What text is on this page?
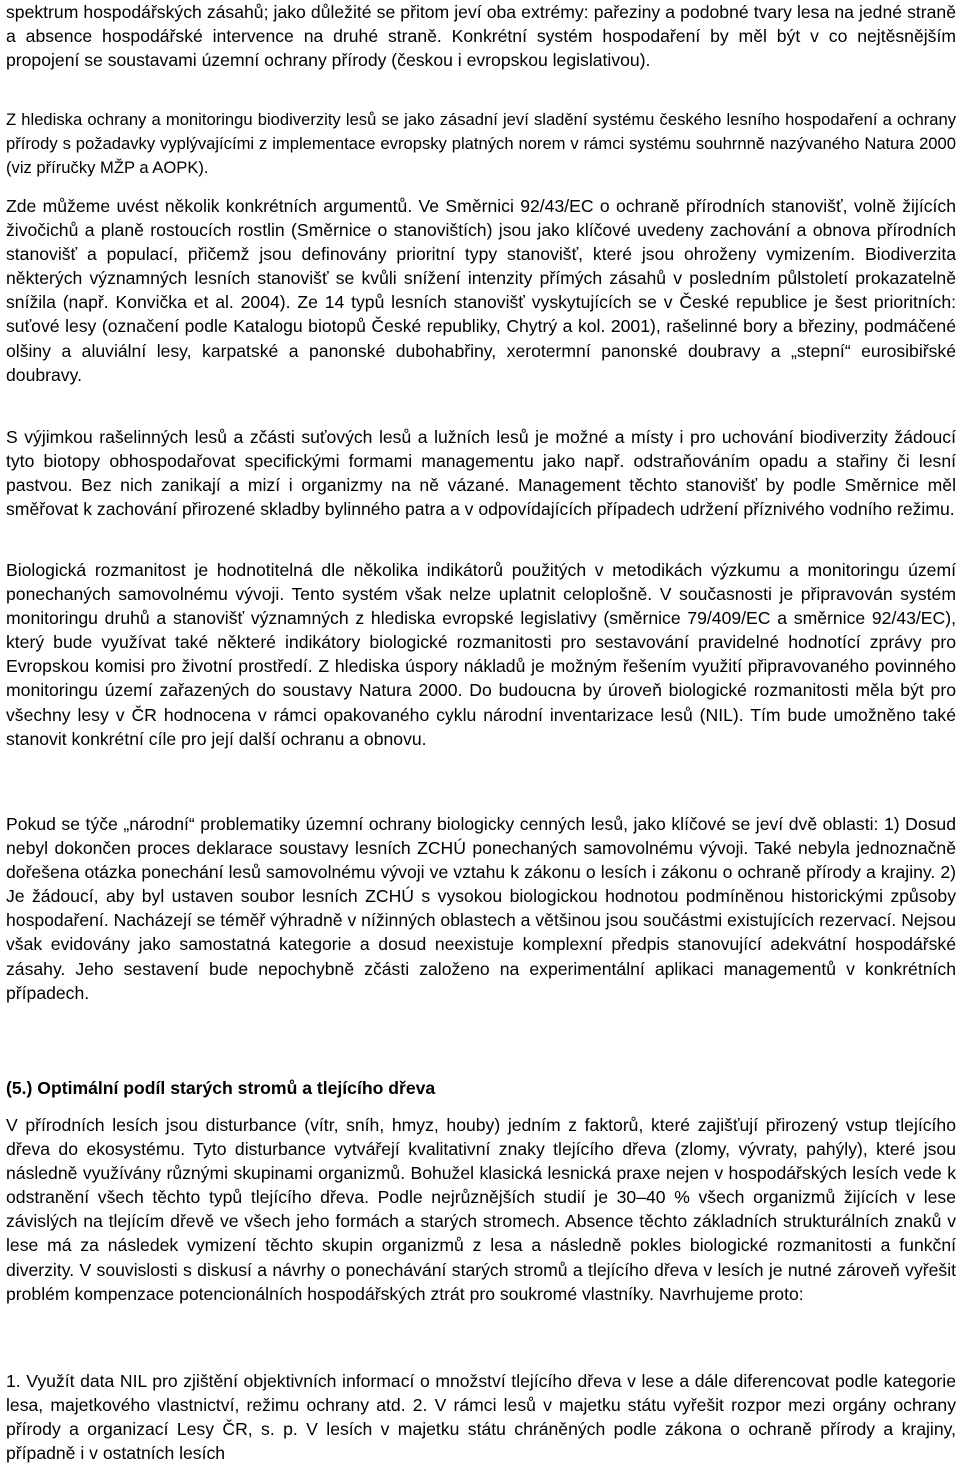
spektrum hospodářských zásahů; jako důležité se přitom jeví oba extrémy: pařeziny a podobné tvary lesa na jedné straně a absence hospodářské intervence na druhé straně. Konkrétní systém hospodaření by měl být v co nejtěsnějším propojení se soustavami územní ochrany přírody (českou i evropskou legislativou).

Z hlediska ochrany a monitoringu biodiverzity lesů se jako zásadní jeví sladění systému českého lesního hospodaření a ochrany přírody s požadavky vyplývajícími z implementace evropsky platných norem v rámci systému souhrnně nazývaného Natura 2000 (viz příručky MŽP a AOPK).

Zde můžeme uvést několik konkrétních argumentů. Ve Směrnici 92/43/EC o ochraně přírodních stanovišť, volně žijících živočichů a planě rostoucích rostlin (Směrnice o stanovištích) jsou jako klíčové uvedeny zachování a obnova přírodních stanovišť a populací, přičemž jsou definovány prioritní typy stanovišť, které jsou ohroženy vymizením. Biodiverzita některých významných lesních stanovišť se kvůli snížení intenzity přímých zásahů v posledním půlstoletí prokazatelně snížila (např. Konvička et al. 2004). Ze 14 typů lesních stanovišť vyskytujících se v České republice je šest prioritních: suťové lesy (označení podle Katalogu biotopů České republiky, Chytrý a kol. 2001), rašelinné bory a březiny, podmáčené olšiny a aluviální lesy, karpatské a panonské dubohabřiny, xerotermní panonské doubravy a „stepní“ eurosibiřské doubravy.

S výjimkou rašelinných lesů a zčásti suťových lesů a lužních lesů je možné a místy i pro uchování biodiverzity žádoucí tyto biotopy obhospodařovat specifickými formami managementu jako např. odstraňováním opadu a stařiny či lesní pastvou. Bez nich zanikají a mizí i organizmy na ně vázané. Management těchto stanovišť by podle Směrnice měl směřovat k zachování přirozené skladby bylinného patra a v odpovídajících případech udržení příznivého vodního režimu.

Biologická rozmanitost je hodnotitelná dle několika indikátorů použitých v metodikách výzkumu a monitoringu území ponechaných samovolnému vývoji. Tento systém však nelze uplatnit celoplošně. V současnosti je připravován systém monitoringu druhů a stanovišť významných z hlediska evropské legislativy (směrnice 79/409/EC a směrnice 92/43/EC), který bude využívat také některé indikátory biologické rozmanitosti pro sestavování pravidelné hodnotící zprávy pro Evropskou komisi pro životní prostředí. Z hlediska úspory nákladů je možným řešením využití připravovaného povinného monitoringu území zařazených do soustavy Natura 2000. Do budoucna by úroveň biologické rozmanitosti měla být pro všechny lesy v ČR hodnocena v rámci opakovaného cyklu národní inventarizace lesů (NIL). Tím bude umožněno také stanovit konkrétní cíle pro její další ochranu a obnovu.

Pokud se týče „národní“ problematiky územní ochrany biologicky cenných lesů, jako klíčové se jeví dvě oblasti: 1) Dosud nebyl dokončen proces deklarace soustavy lesních ZCHÚ ponechaných samovolnému vývoji. Také nebyla jednoznačně dořešena otázka ponechání lesů samovolnému vývoji ve vztahu k zákonu o lesích i zákonu o ochraně přírody a krajiny. 2) Je žádoucí, aby byl ustaven soubor lesních ZCHÚ s vysokou biologickou hodnotou podmíněnou historickými způsoby hospodaření. Nacházejí se téměř výhradně v nížinných oblastech a většinou jsou součástmi existujících rezervací. Nejsou však evidovány jako samostatná kategorie a dosud neexistuje komplexní předpis stanovující adekvátní hospodářské zásahy. Jeho sestavení bude nepochybně zčásti založeno na experimentální aplikaci managementů v konkrétních případech.

(5.) Optimální podíl starých stromů a tlejícího dřeva

V přírodních lesích jsou disturbance (vítr, sníh, hmyz, houby) jedním z faktorů, které zajišťují přirozený vstup tlejícího dřeva do ekosystému. Tyto disturbance vytvářejí kvalitativní znaky tlejícího dřeva (zlomy, vývraty, pahýly), které jsou následně využívány různými skupinami organizmů. Bohužel klasická lesnická praxe nejen v hospodářských lesích vede k odstranění všech těchto typů tlejícího dřeva. Podle nejrůznějších studií je 30–40 % všech organizmů žijících v lese závislých na tlejícím dřevě ve všech jeho formách a starých stromech. Absence těchto základních strukturálních znaků v lese má za následek vymizení těchto skupin organizmů z lesa a následně pokles biologické rozmanitosti a funkční diverzity. V souvislosti s diskusí a návrhy o ponechávání starých stromů a tlejícího dřeva v lesích je nutné zároveň vyřešit problém kompenzace potencionálních hospodářských ztrát pro soukromé vlastníky. Navrhujeme proto:

1. Využít data NIL pro zjištění objektivních informací o množství tlejícího dřeva v lese a dále diferencovat podle kategorie lesa, majetkového vlastnictví, režimu ochrany atd. 2. V rámci lesů v majetku státu vyřešit rozpor mezi orgány ochrany přírody a organizací Lesy ČR, s. p. V lesích v majetku státu chráněných podle zákona o ochraně přírody a krajiny, případně i v ostatních lesích
